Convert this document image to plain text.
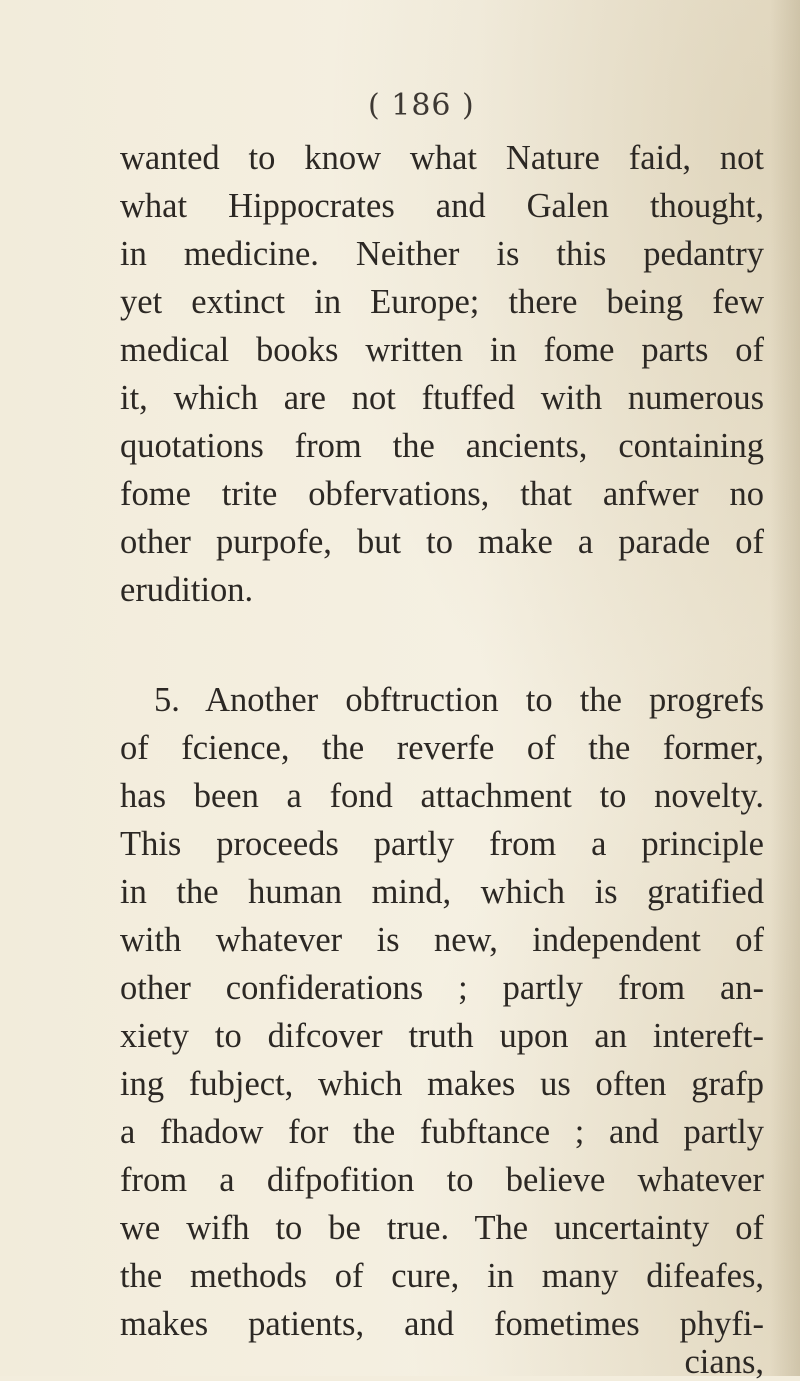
( 186 )
wanted to know what Nature faid, not
what Hippocrates and Galen thought,
in medicine. Neither is this pedantry
yet extinct in Europe; there being few
medical books written in fome parts of
it, which are not ftuffed with numerous
quotations from the ancients, containing
fome trite obfervations, that anfwer no
other purpofe, but to make a parade of
erudition.
5. Another obftruction to the progrefs
of fcience, the reverfe of the former,
has been a fond attachment to novelty.
This proceeds partly from a principle
in the human mind, which is gratified
with whatever is new, independent of
other confiderations ; partly from an-
xiety to difcover truth upon an intereft-
ing fubject, which makes us often grafp
a fhadow for the fubftance ; and partly
from a difpofition to believe whatever
we wifh to be true. The uncertainty of
the methods of cure, in many difeafes,
makes patients, and fometimes phyfi-
cians,
